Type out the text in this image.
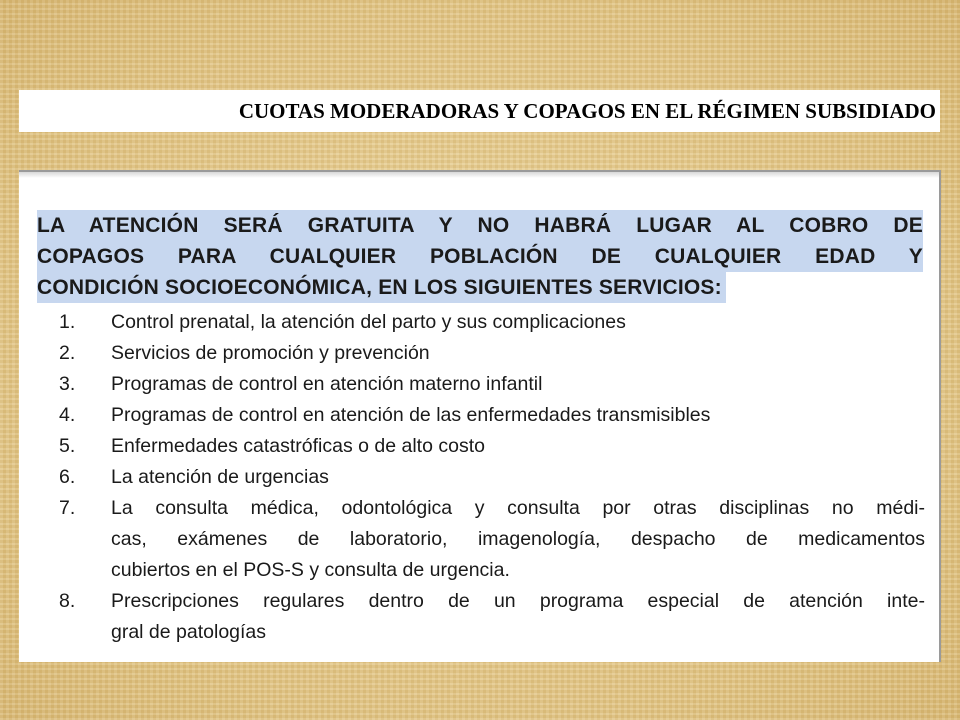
CUOTAS MODERADORAS Y COPAGOS EN EL RÉGIMEN SUBSIDIADO
LA ATENCIÓN SERÁ GRATUITA Y NO HABRÁ LUGAR AL COBRO DE
COPAGOS PARA CUALQUIER POBLACIÓN DE CUALQUIER EDAD Y
CONDICIÓN SOCIOECONÓMICA, EN LOS SIGUIENTES SERVICIOS:
1.	Control prenatal, la atención del parto y sus complicaciones
2.	Servicios de promoción y prevención
3.	Programas de control en atención materno infantil
4.	Programas de control en atención de las enfermedades transmisibles
5.	Enfermedades catastróficas o de alto costo
6.	La atención de urgencias
7.	La consulta médica, odontológica y consulta por otras disciplinas no médi-
cas, exámenes de laboratorio, imagenología, despacho de medicamentos
cubiertos en el POS-S y consulta de urgencia.
8.	Prescripciones regulares dentro de un programa especial de atención inte-
gral de patologías
